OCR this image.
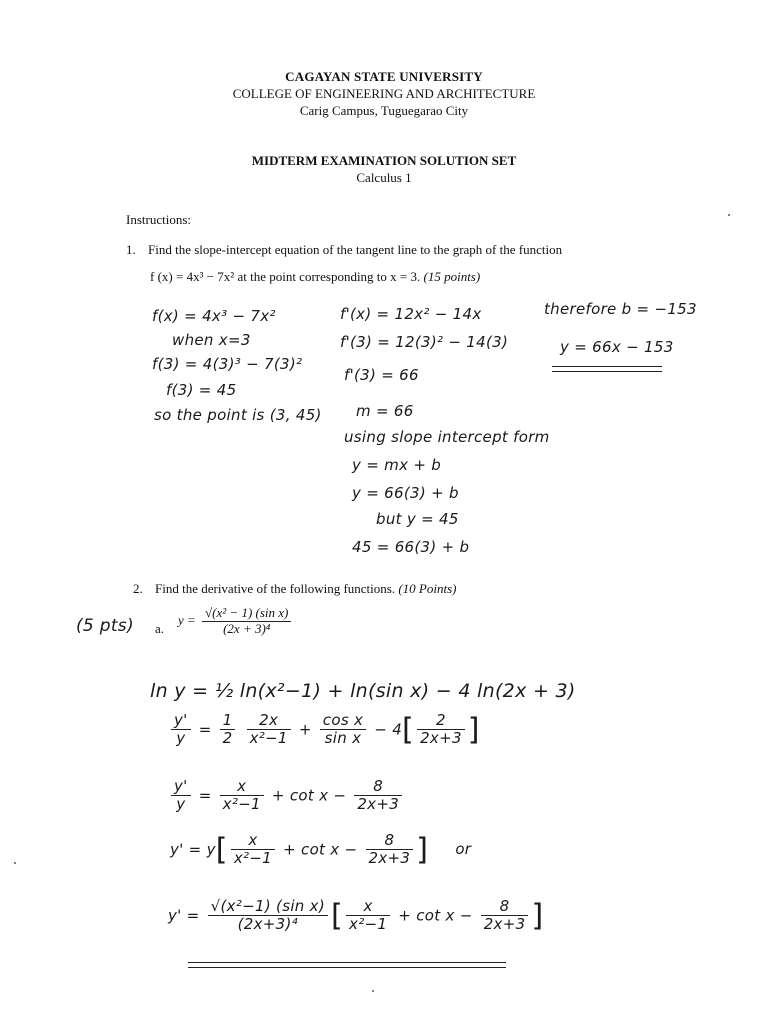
CAGAYAN STATE UNIVERSITY
COLLEGE OF ENGINEERING AND ARCHITECTURE
Carig Campus, Tuguegarao City
MIDTERM EXAMINATION SOLUTION SET
Calculus 1
Instructions:
1. Find the slope-intercept equation of the tangent line to the graph of the function
f (x) = 4x³ − 7x² at the point corresponding to x = 3. (15 points)
f(x) = 4x³ − 7x²
when x=3
f(3) = 4(3)³ − 7(3)²
f(3) = 45
so the point is (3, 45)
f'(x) = 12x² − 14x
f'(3) = 12(3)² − 14(3)
f'(3) = 66
m = 66
using slope intercept form
y = mx + b
y = 66(3) + b
but y = 45
45 = 66(3) + b
therefore b = −153
y = 66x − 153
2. Find the derivative of the following functions. (10 Points)
(5 pts) a.
$y = \frac{\text{√(x² − 1) (sin x)}}{\text{(2x + 3)⁴}}$
ln y = ½ ln(x²−1) + ln(sin x) − 4 ln(2x + 3)
$\frac{y'}{y} = \frac{1}{2}$
$\frac{2x}{\text{x²−1}} + \frac{\text{cos x}}{\text{sin x}} - 4[ \frac{2}{2x+3}$ ]
$\frac{y'}{y} = \frac{x}{\text{x²−1}} + \cot x - \frac{8}{2x+3}$
$y' = y[ \frac{x}{\text{x²−1}} + \cot x - \frac{8}{2x+3}$ ] or
$y' = \frac{\text{√(x²−1) (sin x)}}{\text{(2x+3)⁴}}$ [ $\frac{x}{\text{x²−1}} + \cot x - \frac{8}{2x+3}$ ]
